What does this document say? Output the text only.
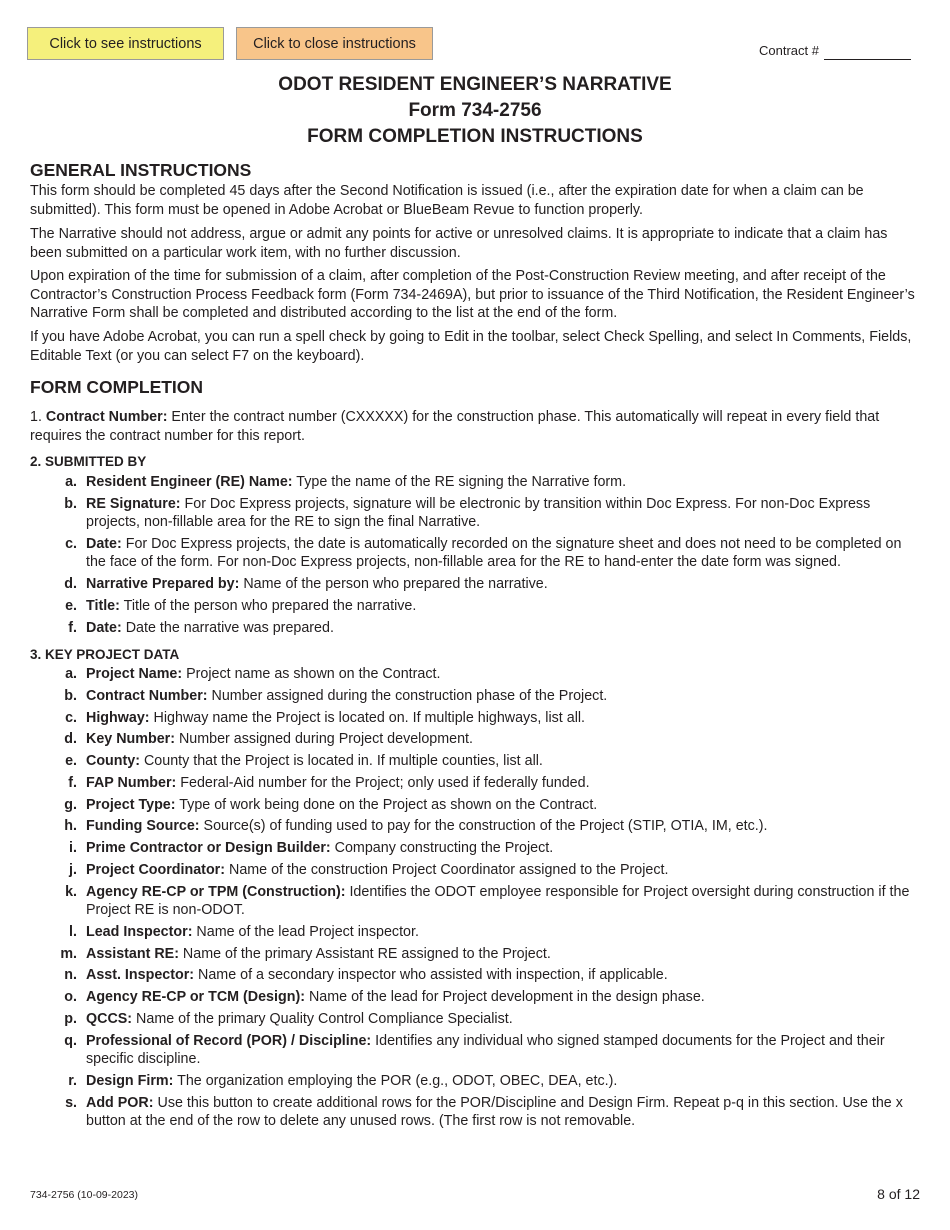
Click to see instructions	Click to close instructions	Contract #
ODOT RESIDENT ENGINEER’S NARRATIVE
Form 734-2756
FORM COMPLETION INSTRUCTIONS
GENERAL INSTRUCTIONS

This form should be completed 45 days after the Second Notification is issued (i.e., after the expiration date for when a claim can be submitted). This form must be opened in Adobe Acrobat or BlueBeam Revue to function properly.

The Narrative should not address, argue or admit any points for active or unresolved claims. It is appropriate to indicate that a claim has been submitted on a particular work item, with no further discussion.

Upon expiration of the time for submission of a claim, after completion of the Post-Construction Review meeting, and after receipt of the Contractor’s Construction Process Feedback form (Form 734-2469A), but prior to issuance of the Third Notification, the Resident Engineer’s Narrative Form shall be completed and distributed according to the list at the end of the form.

If you have Adobe Acrobat, you can run a spell check by going to Edit in the toolbar, select Check Spelling, and select In Comments, Fields, Editable Text (or you can select F7 on the keyboard).

FORM COMPLETION
1. Contract Number: Enter the contract number (CXXXXX) for the construction phase. This automatically will repeat in every field that requires the contract number for this report.
2. SUBMITTED BY
a. Resident Engineer (RE) Name: Type the name of the RE signing the Narrative form.
b. RE Signature: For Doc Express projects, signature will be electronic by transition within Doc Express. For non-Doc Express projects, non-fillable area for the RE to sign the final Narrative.
c. Date: For Doc Express projects, the date is automatically recorded on the signature sheet and does not need to be completed on the face of the form. For non-Doc Express projects, non-fillable area for the RE to hand-enter the date form was signed.
d. Narrative Prepared by: Name of the person who prepared the narrative.
e. Title: Title of the person who prepared the narrative.
f. Date: Date the narrative was prepared.
3. KEY PROJECT DATA
a. Project Name: Project name as shown on the Contract.
b. Contract Number: Number assigned during the construction phase of the Project.
c. Highway: Highway name the Project is located on. If multiple highways, list all.
d. Key Number: Number assigned during Project development.
e. County: County that the Project is located in. If multiple counties, list all.
f. FAP Number: Federal-Aid number for the Project; only used if federally funded.
g. Project Type: Type of work being done on the Project as shown on the Contract.
h. Funding Source: Source(s) of funding used to pay for the construction of the Project (STIP, OTIA, IM, etc.).
i. Prime Contractor or Design Builder: Company constructing the Project.
j. Project Coordinator: Name of the construction Project Coordinator assigned to the Project.
k. Agency RE-CP or TPM (Construction): Identifies the ODOT employee responsible for Project oversight during construction if the Project RE is non-ODOT.
l. Lead Inspector: Name of the lead Project inspector.
m. Assistant RE: Name of the primary Assistant RE assigned to the Project.
n. Asst. Inspector: Name of a secondary inspector who assisted with inspection, if applicable.
o. Agency RE-CP or TCM (Design): Name of the lead for Project development in the design phase.
p. QCCS: Name of the primary Quality Control Compliance Specialist.
q. Professional of Record (POR) / Discipline: Identifies any individual who signed stamped documents for the Project and their specific discipline.
r. Design Firm: The organization employing the POR (e.g., ODOT, OBEC, DEA, etc.).
s. Add POR: Use this button to create additional rows for the POR/Discipline and Design Firm. Repeat p-q in this section. Use the x button at the end of the row to delete any unused rows. (The first row is not removable.
734-2756 (10-09-2023)	8 of 12
